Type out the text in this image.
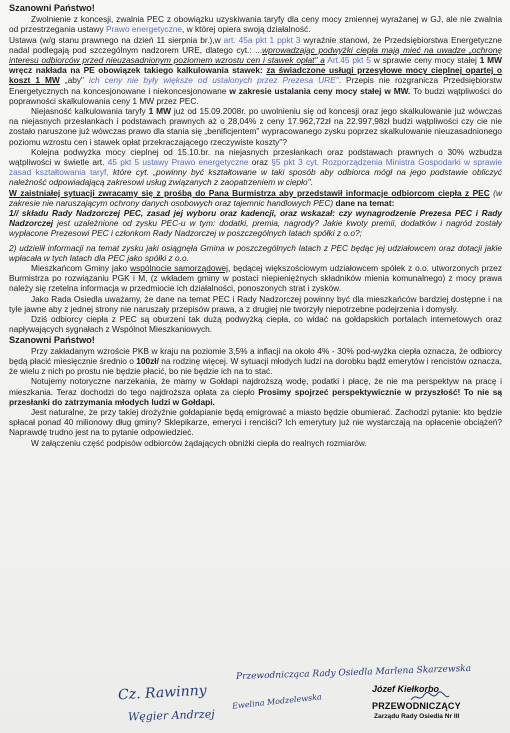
Szanowni Państwo!

Zwolnienie z koncesji, zwalnia PEC z obowiązku uzyskiwania taryfy dla ceny mocy zmiennej wyrażanej w GJ, ale nie zwalnia od przestrzegania ustawy Prawo energetyczne, w której opiera swoją działalność.

Ustawa (w/g stanu prawnego na dzień 11 sierpnia br.),w art. 45a pkt 1 ppkt 3 wyraźnie stanowi, że Przedsiębiorstwa Energetyczne nadal podlegają pod szczególnym nadzorem URE, dlatego cyt.: ...wprowadzając podwyżki ciepła mają mieć na uwadze „ochronę interesu odbiorców przed nieuzasadnionym poziomem wzrostu cen i stawek opłat" a Art.45 pkt 5 w sprawie ceny mocy stałej 1 MW wręcz nakłada na PE obowiązek takiego kalkulowania stawek: za świadczone usługi przesyłowe mocy cieplnej opartej o koszt 1 MW „aby" ich ceny nie były większe od ustalonych przez Prezesa URE". Przepis nie rozgranicza Przedsiębiorstw Energetycznych na koncesjonowane i niekoncesjonowane w zakresie ustalania ceny mocy stałej w MW. To budzi wątpliwości do poprawności skalkulowania ceny 1 MW przez PEC.

Niejasność kalkulowania taryfy 1 MW już od 15.09.2008r. po uwolnieniu się od koncesji oraz jego skalkulowanie już wówczas na niejasnych przesłankach i podstawach prawnych aż o 28,04% z ceny 17.962,72zł na 22.997,98zł budzi wątpliwości czy cie nie zostało naruszone już wówczas prawo dla stania się „benificjentem" wypracowanego zysku poprzez skalkulowanie nieuzasadnionego poziomu wzrostu cen i stawek opłat przekraczającego rzeczywiste koszty"?

Kolejna podwyżka mocy cieplnej od 15.10.br. na niejasnych przesłankach oraz podstawach prawnych o 30% wzbudza wątpliwości w świetle art. 45 pkt 5 ustawy Prawo energetyczne oraz §5 pkt 3 cyt. Rozporządzenia Ministra Gospodarki w sprawie zasad kształtowania taryf, które cyt. „powinny być kształtowane w taki sposób aby odbiorca mógł na jego podstawie obliczyć należność odpowiadającą zakresowi usług związanych z zaopatrzeniem w ciepło".

W zaistniałej sytuacji zwracamy się z prośbą do Pana Burmistrza aby przedstawił informacje odbiorcom ciepła z PEC (w zakresie nie naruszającym ochrony danych osobowych oraz tajemnic handlowych PEC) dane na temat:

1// składu Rady Nadzorczej PEC, zasad jej wyboru oraz kadencji, oraz wskazał: czy wynagrodzenie Prezesa PEC i Rady Nadzorczej jest uzależnione od zysku PEC-u w tym: dodatki, premia, nagrody? Jakie kwoty premii, dodatków i nagród zostały wypłacone Prezesowi PEC i członkom Rady Nadzorczej w poszczególnych latach spółki z o.o?;

2) udzielił informacji na temat zysku jaki osiągnęła Gmina w poszczególnych latach z PEC będąc jej udziałowcem oraz dotacji jakie wpłacała w tych latach dla PEC jako spółki z o.o.

Mieszkańcom Gminy jako wspólnocie samorządowej, będącej większościowym udziałowcem spółek z o.o. utworzonych przez Burmistrza po rozwiązaniu PGK i M, (z wkładem gminy w postaci niepieniężnych składników mienia komunalnego) z mocy prawa należy się rzetelna informacja w przedmiocie ich działalności, ponoszonych strat i zysków.

Jako Rada Osiedla uważamy, że dane na temat PEC i Rady Nadzorczej powinny być dla mieszkańców bardziej dostępne i na tyle jawne aby z jednej strony nie naruszały przepisów prawa, a z drugiej nie tworzyły niepotrzebne podejrzenia i domysły.

Dziś odbiorcy ciepła z PEC są oburzeni tak dużą podwyżką ciepła, co widać na gołdapskich portalach internetowych oraz napływających sygnałach z Wspólnot Mieszkaniowych.

Szanowni Państwo!

Przy zakładanym wzroście PKB w kraju na poziomie 3,5% a inflacji na około 4% - 30% pod-wyżka ciepła oznacza, że odbiorcy będą płacić miesięcznie średnio o 100zł/ na rodzinę więcej. W sytuacji młodych ludzi na dorobku bądź emerytów i rencistów oznacza, że wielu z nich po prostu nie będzie płacić, bo nie będzie ich na to stać.

Notujemy notoryczne narzekania, że mamy w Gołdapi najdroższą wodę, podatki i płacę, że nie ma perspektyw na pracę i mieszkania. Teraz dochodzi do tego najdroższa opłata za ciepło Prosimy spojrzeć perspektywicznie w przyszłość! To nie są przesłanki do zatrzymania młodych ludzi w Gołdapi.

Jest naturalne, że przy takiej drożyźnie gołdapianie będą emigrować a miasto będzie obumierać. Zachodzi pytanie: kto będzie spłacał ponad 40 milionowy dług gminy? Sklepikarze, emeryci i renciści? Ich emerytury już nie wystarczają na opłacenie obciążeń? Naprawdę trudno jest na to pytanie odpowiedzieć.

W załączeniu część podpisów odbiorców żądających obniżki ciepła do realnych rozmiarów.

Przewodnicząca Rady Osiedla Marlena Skarzewska
Cz. Rawinny	Ewelina Modzelewska
Węgier Andrzej
Józef Kiełkorbo
PRZEWODNICZĄCY
Zarządu Rady Osiedla Nr III
